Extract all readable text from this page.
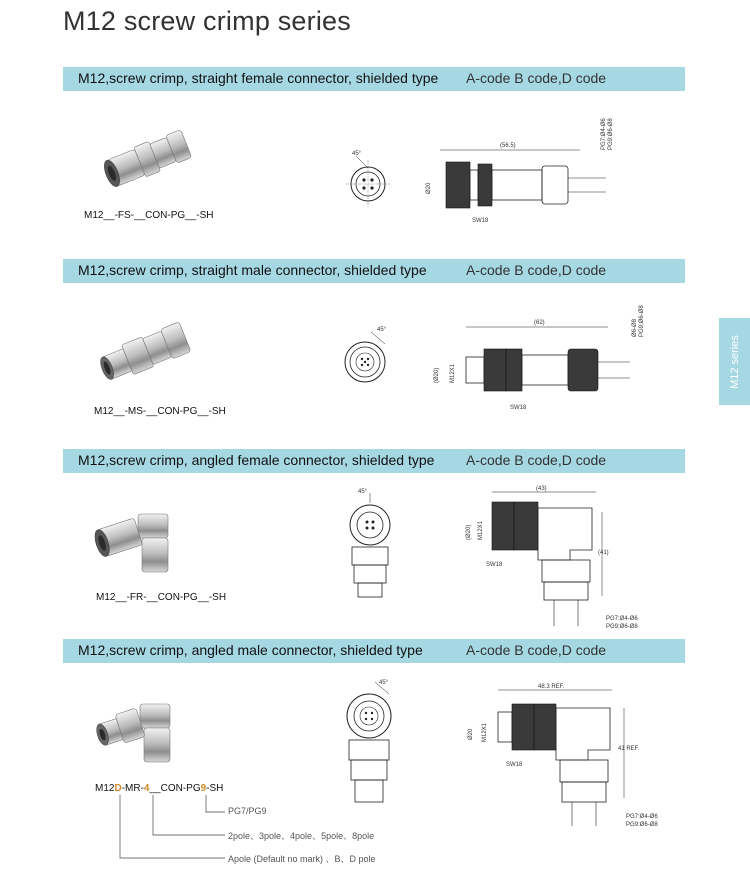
M12 screw crimp series
M12 series
M12,screw crimp, straight female connector, shielded type A-code B code,D code
M12,screw crimp, straight male connector, shielded type	A-code B code,D code
M12,screw crimp, angled female connector, shielded type A-code B code,D code
M12,screw crimp, angled male connector, shielded type	A-code B code,D code
M12__-FS-__CON-PG__-SH
45°
(56.5)
Ø20
SW18
PG7:Ø4-Ø6 PG9:Ø6-Ø8
M12__-MS-__CON-PG__-SH
45°
(62)
(Ø20) M12X1
SW18
Ø6-Ø8 PG9:Ø6-Ø8
M12__-FR-__CON-PG__-SH
45°	(43)
(41)
(Ø20) M12X1
SW18
PG7:Ø4-Ø6
PG9:Ø6-Ø8
M12D-MR-4__CON-PG9-SH
PG7/PG9
2pole、3pole、4pole、5pole、8pole
Apole (Default no mark) 、B、D pole
45°
48.3 REF.
41 REF.
Ø20 M12X1
SW18
PG7:Ø4-Ø6
PG9:Ø6-Ø8
